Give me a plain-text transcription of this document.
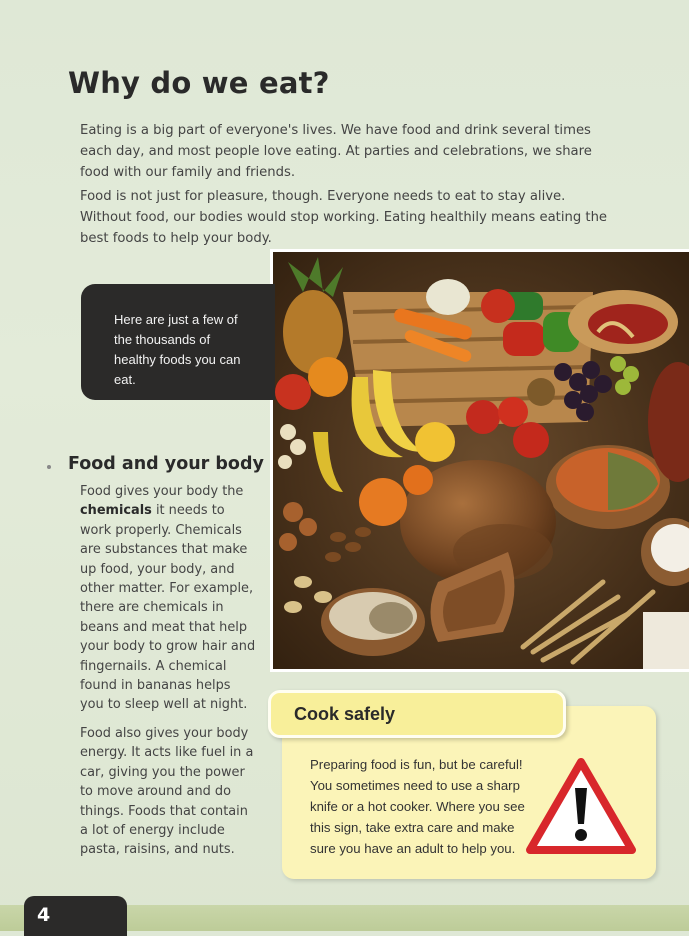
Why do we eat?

Eating is a big part of everyone's lives. We have food and drink several times each day, and most people love eating. At parties and celebrations, we share food with our family and friends.

Food is not just for pleasure, though. Everyone needs to eat to stay alive. Without food, our bodies would stop working. Eating healthily means eating the best foods to help your body.

Here are just a few of the thousands of healthy foods you can eat.

Food and your body

Food gives your body the chemicals it needs to work properly. Chemicals are substances that make up food, your body, and other matter. For example, there are chemicals in beans and meat that help your body to grow hair and fingernails. A chemical found in bananas helps you to sleep well at night.

Food also gives your body energy. It acts like fuel in a car, giving you the power to move around and do things. Foods that contain a lot of energy include pasta, raisins, and nuts.

Cook safely

Preparing food is fun, but be careful! You sometimes need to use a sharp knife or a hot cooker. Where you see this sign, take extra care and make sure you have an adult to help you.

4
